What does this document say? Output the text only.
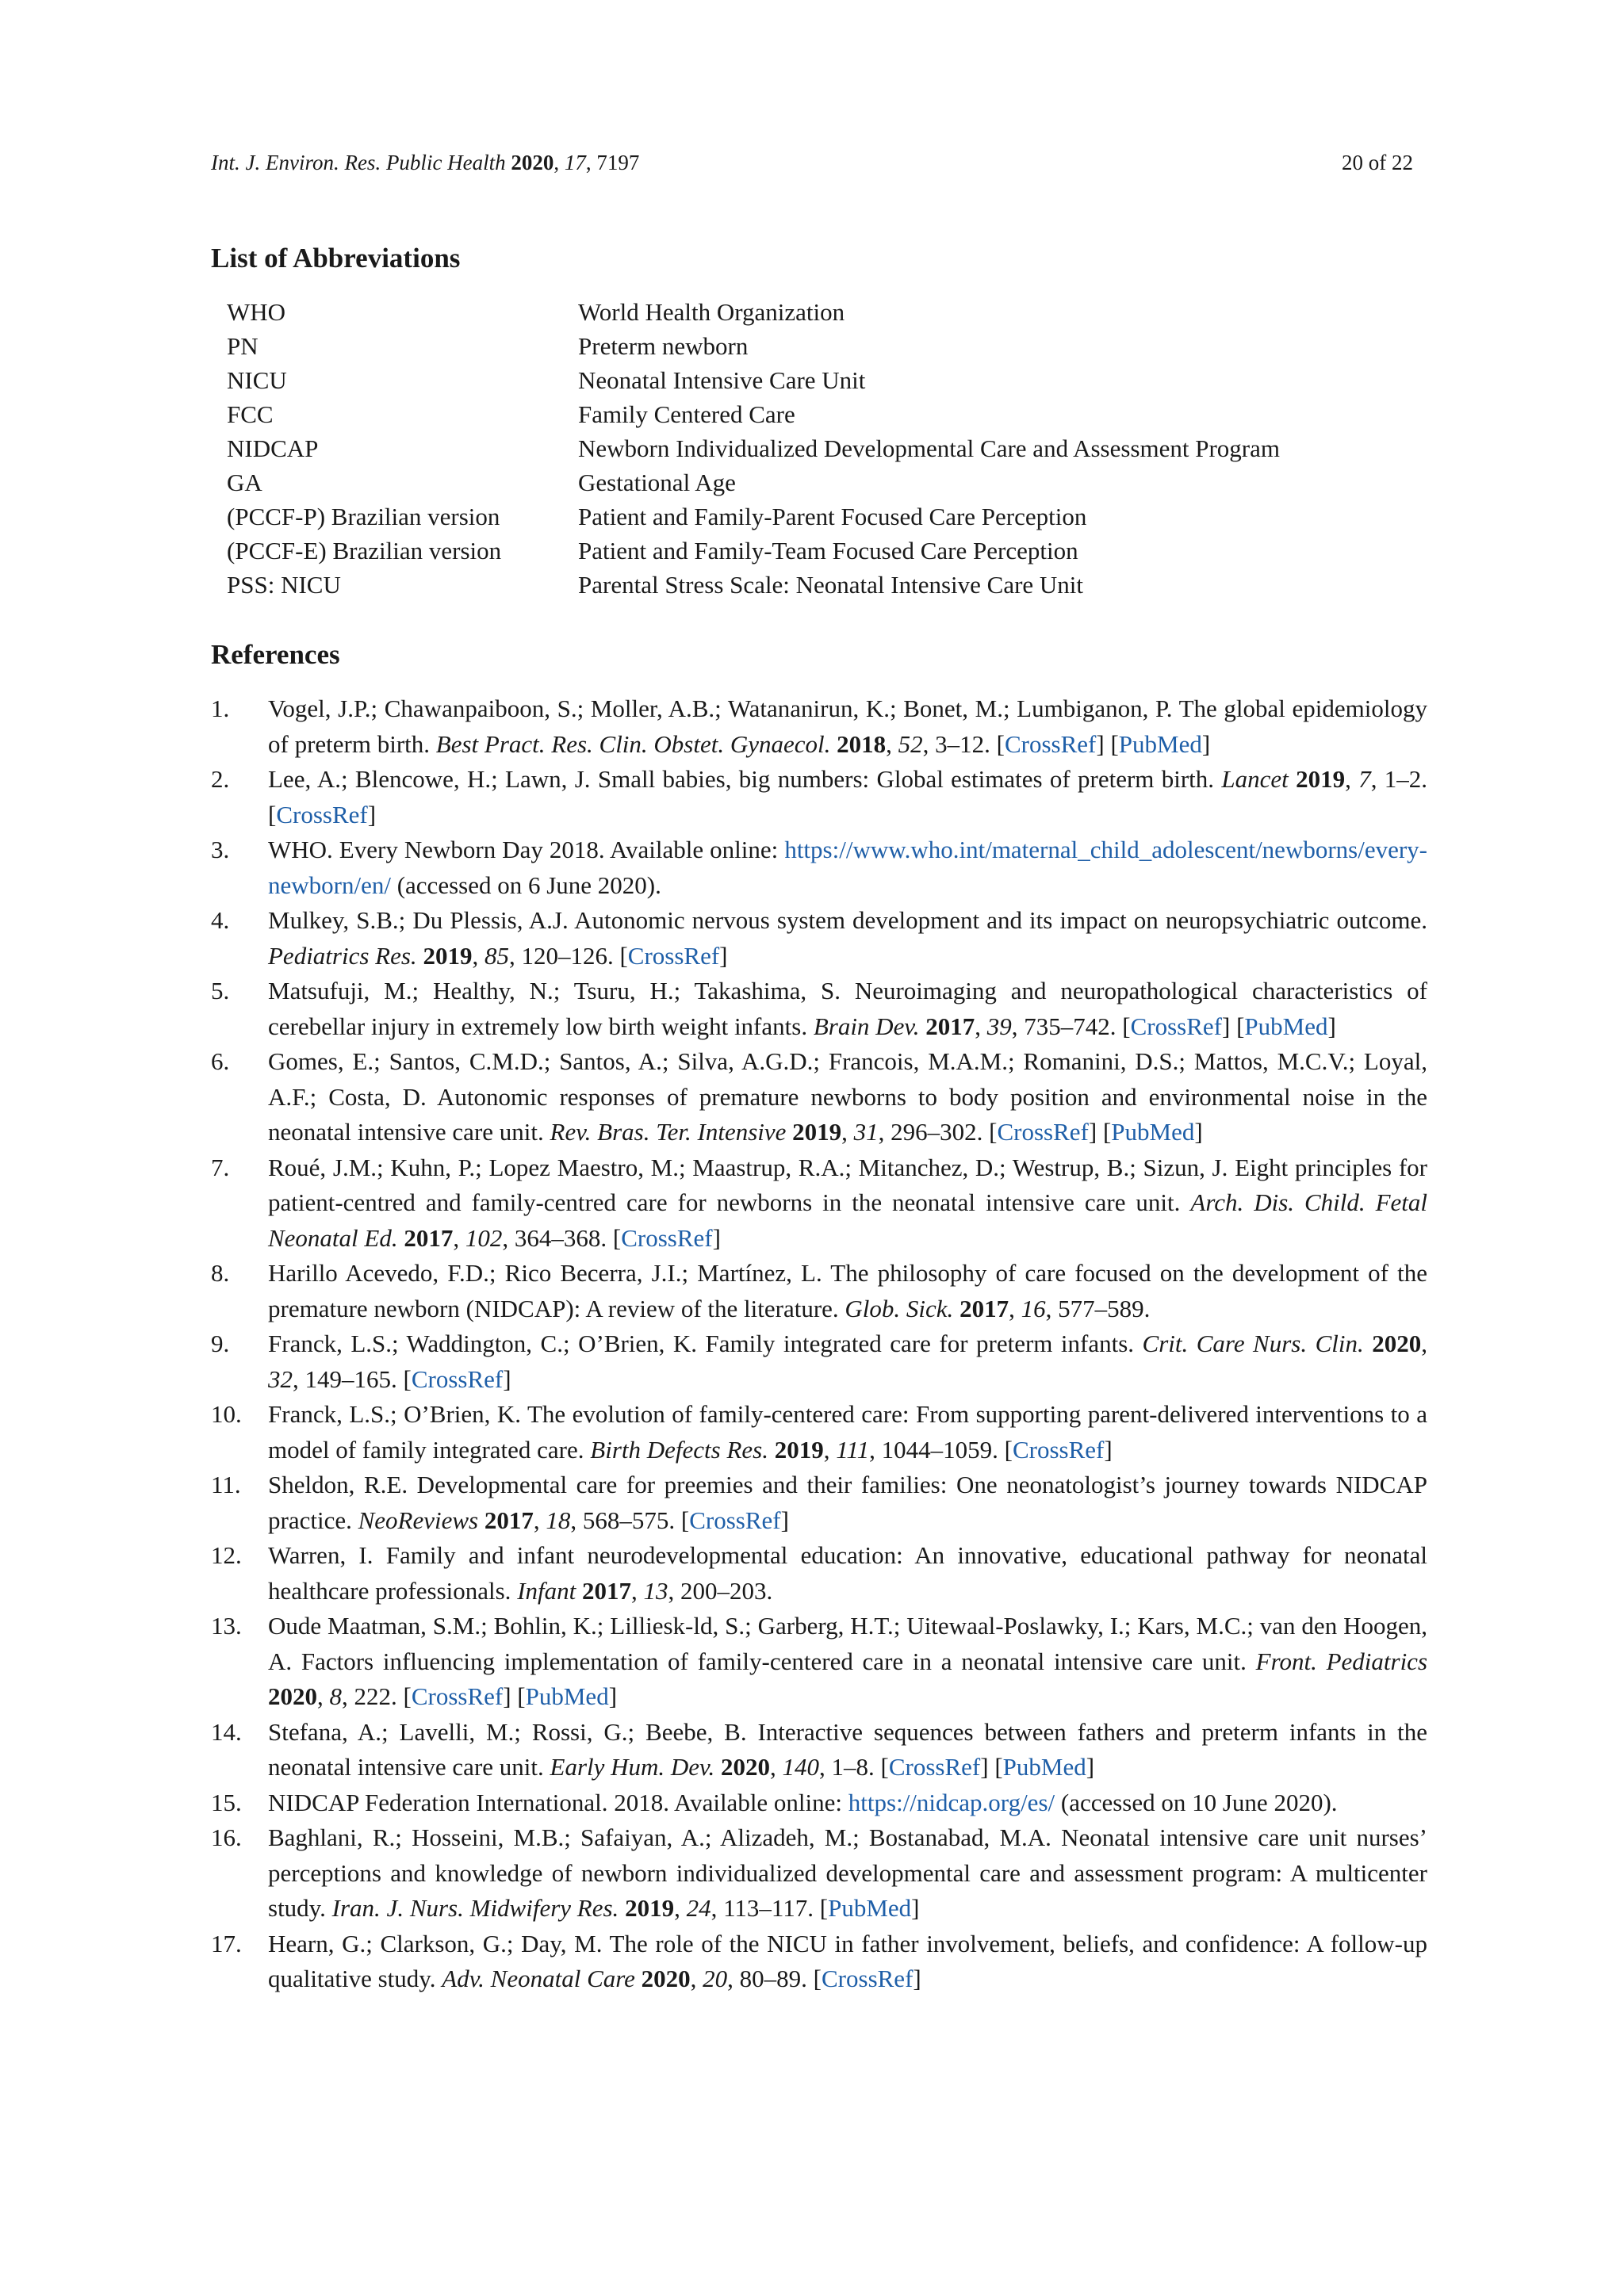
Int. J. Environ. Res. Public Health 2020, 17, 7197	20 of 22
List of Abbreviations
WHO	World Health Organization
PN	Preterm newborn
NICU	Neonatal Intensive Care Unit
FCC	Family Centered Care
NIDCAP	Newborn Individualized Developmental Care and Assessment Program
GA	Gestational Age
(PCCF-P) Brazilian version	Patient and Family-Parent Focused Care Perception
(PCCF-E) Brazilian version	Patient and Family-Team Focused Care Perception
PSS: NICU	Parental Stress Scale: Neonatal Intensive Care Unit
References
1. Vogel, J.P.; Chawanpaiboon, S.; Moller, A.B.; Watananirun, K.; Bonet, M.; Lumbiganon, P. The global epidemiology of preterm birth. Best Pract. Res. Clin. Obstet. Gynaecol. 2018, 52, 3–12. [CrossRef] [PubMed]
2. Lee, A.; Blencowe, H.; Lawn, J. Small babies, big numbers: Global estimates of preterm birth. Lancet 2019, 7, 1–2. [CrossRef]
3. WHO. Every Newborn Day 2018. Available online: https://www.who.int/maternal_child_adolescent/newborns/every-newborn/en/ (accessed on 6 June 2020).
4. Mulkey, S.B.; Du Plessis, A.J. Autonomic nervous system development and its impact on neuropsychiatric outcome. Pediatrics Res. 2019, 85, 120–126. [CrossRef]
5. Matsufuji, M.; Healthy, N.; Tsuru, H.; Takashima, S. Neuroimaging and neuropathological characteristics of cerebellar injury in extremely low birth weight infants. Brain Dev. 2017, 39, 735–742. [CrossRef] [PubMed]
6. Gomes, E.; Santos, C.M.D.; Santos, A.; Silva, A.G.D.; Francois, M.A.M.; Romanini, D.S.; Mattos, M.C.V.; Loyal, A.F.; Costa, D. Autonomic responses of premature newborns to body position and environmental noise in the neonatal intensive care unit. Rev. Bras. Ter. Intensive 2019, 31, 296–302. [CrossRef] [PubMed]
7. Roué, J.M.; Kuhn, P.; Lopez Maestro, M.; Maastrup, R.A.; Mitanchez, D.; Westrup, B.; Sizun, J. Eight principles for patient-centred and family-centred care for newborns in the neonatal intensive care unit. Arch. Dis. Child. Fetal Neonatal Ed. 2017, 102, 364–368. [CrossRef]
8. Harillo Acevedo, F.D.; Rico Becerra, J.I.; Martínez, L. The philosophy of care focused on the development of the premature newborn (NIDCAP): A review of the literature. Glob. Sick. 2017, 16, 577–589.
9. Franck, L.S.; Waddington, C.; O’Brien, K. Family integrated care for preterm infants. Crit. Care Nurs. Clin. 2020, 32, 149–165. [CrossRef]
10. Franck, L.S.; O’Brien, K. The evolution of family-centered care: From supporting parent-delivered interventions to a model of family integrated care. Birth Defects Res. 2019, 111, 1044–1059. [CrossRef]
11. Sheldon, R.E. Developmental care for preemies and their families: One neonatologist’s journey towards NIDCAP practice. NeoReviews 2017, 18, 568–575. [CrossRef]
12. Warren, I. Family and infant neurodevelopmental education: An innovative, educational pathway for neonatal healthcare professionals. Infant 2017, 13, 200–203.
13. Oude Maatman, S.M.; Bohlin, K.; Lilliesk-ld, S.; Garberg, H.T.; Uitewaal-Poslawky, I.; Kars, M.C.; van den Hoogen, A. Factors influencing implementation of family-centered care in a neonatal intensive care unit. Front. Pediatrics 2020, 8, 222. [CrossRef] [PubMed]
14. Stefana, A.; Lavelli, M.; Rossi, G.; Beebe, B. Interactive sequences between fathers and preterm infants in the neonatal intensive care unit. Early Hum. Dev. 2020, 140, 1–8. [CrossRef] [PubMed]
15. NIDCAP Federation International. 2018. Available online: https://nidcap.org/es/ (accessed on 10 June 2020).
16. Baghlani, R.; Hosseini, M.B.; Safaiyan, A.; Alizadeh, M.; Bostanabad, M.A. Neonatal intensive care unit nurses’ perceptions and knowledge of newborn individualized developmental care and assessment program: A multicenter study. Iran. J. Nurs. Midwifery Res. 2019, 24, 113–117. [PubMed]
17. Hearn, G.; Clarkson, G.; Day, M. The role of the NICU in father involvement, beliefs, and confidence: A follow-up qualitative study. Adv. Neonatal Care 2020, 20, 80–89. [CrossRef]
